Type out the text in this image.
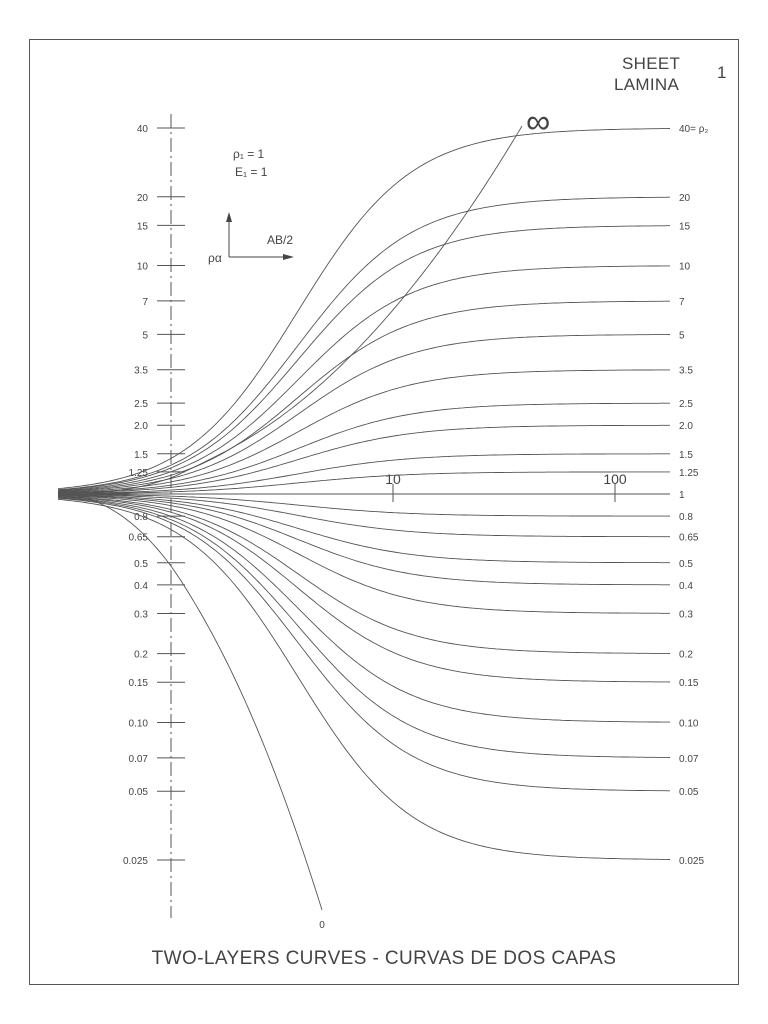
SHEET
LAMINA
1
10	100
0.025
0.05
0.07
0.10
0.15
0.2
0.3
0.4
0.5
0.65
0.8
1.25
1.5
2.0
2.5
3.5
5
7
10
15
20
40
0
0.025
0.05
0.07
0.10
0.15
0.2
0.3
0.4
0.5
0.65
0.8
1
1.25
1.5
2.0
2.5
3.5
5
7
10
15
20
40= ρ₂
ρ₁ = 1
E₁ = 1
AB/2
ρα
∞
TWO-LAYERS CURVES - CURVAS DE DOS CAPAS
